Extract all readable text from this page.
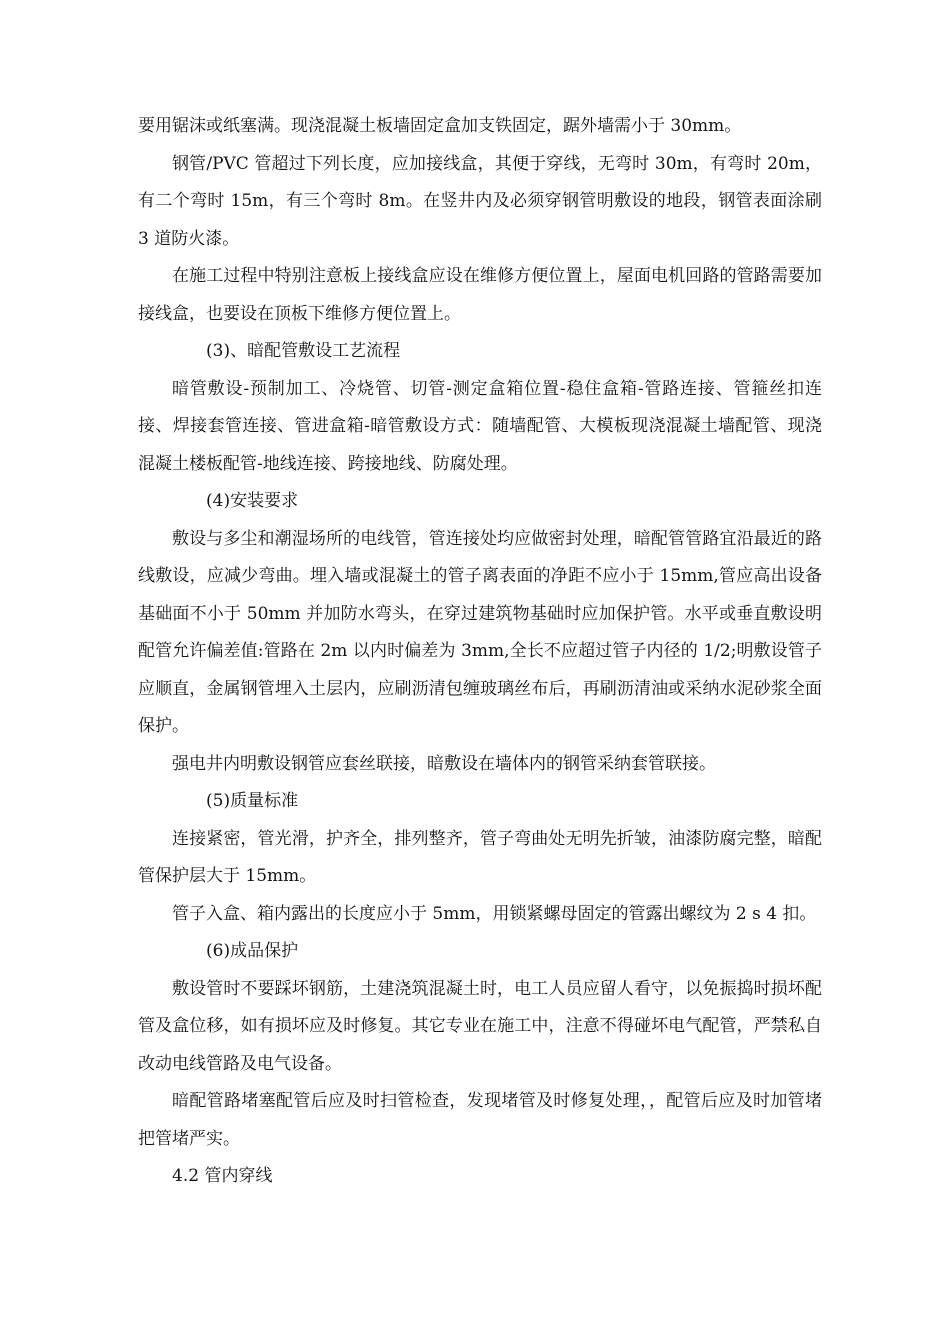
要用锯沫或纸塞满。现浇混凝土板墙固定盒加支铁固定，踞外墙需小于 30mm。

钢管/PVC 管超过下列长度，应加接线盒，其便于穿线，无弯时 30m，有弯时 20m，有二个弯时 15m，有三个弯时 8m。在竖井内及必须穿钢管明敷设的地段，钢管表面涂刷 3 道防火漆。

在施工过程中特别注意板上接线盒应设在维修方便位置上，屋面电机回路的管路需要加接线盒，也要设在顶板下维修方便位置上。

(3)、暗配管敷设工艺流程

暗管敷设-预制加工、冷烧管、切管-测定盒箱位置-稳住盒箱-管路连接、管箍丝扣连接、焊接套管连接、管进盒箱-暗管敷设方式：随墙配管、大模板现浇混凝土墙配管、现浇混凝土楼板配管-地线连接、跨接地线、防腐处理。

(4)安装要求

敷设与多尘和潮湿场所的电线管，管连接处均应做密封处理，暗配管管路宜沿最近的路线敷设，应减少弯曲。埋入墙或混凝土的管子离表面的净距不应小于 15mm,管应高出设备基础面不小于 50mm 并加防水弯头，在穿过建筑物基础时应加保护管。水平或垂直敷设明配管允许偏差值:管路在 2m 以内时偏差为 3mm,全长不应超过管子内径的 1/2;明敷设管子应顺直，金属钢管埋入土层内，应刷沥清包缠玻璃丝布后，再刷沥清油或采纳水泥砂浆全面保护。

强电井内明敷设钢管应套丝联接，暗敷设在墙体内的钢管采纳套管联接。

(5)质量标准

连接紧密，管光滑，护齐全，排列整齐，管子弯曲处无明先折皱，油漆防腐完整，暗配管保护层大于 15mm。

管子入盒、箱内露出的长度应小于 5mm，用锁紧螺母固定的管露出螺纹为 2 s 4 扣。

(6)成品保护

敷设管时不要踩坏钢筋，土建浇筑混凝土时，电工人员应留人看守，以免振捣时损坏配管及盒位移，如有损坏应及时修复。其它专业在施工中，注意不得碰坏电气配管，严禁私自改动电线管路及电气设备。

暗配管路堵塞配管后应及时扫管检查，发现堵管及时修复处理，，配管后应及时加管堵把管堵严实。

4.2 管内穿线
